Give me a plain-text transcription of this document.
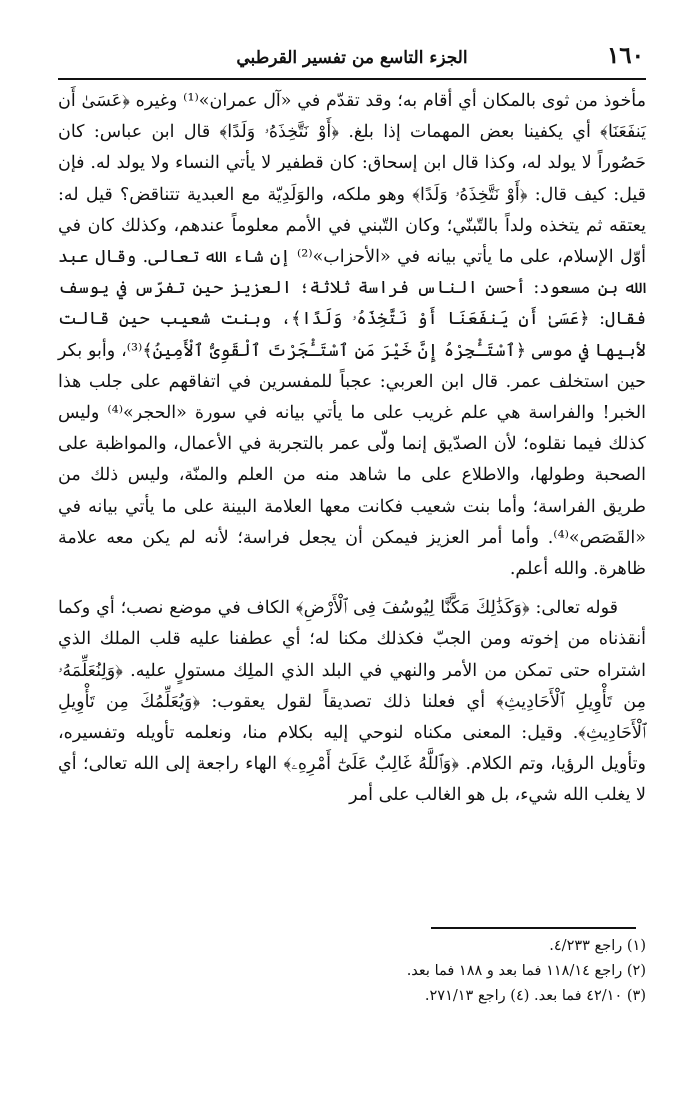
١٦٠
الجزء التاسع من تفسير القرطبي

مأخوذ من ثوى بالمكان أي أقام به؛ وقد تقدّم في «آل عمران»⁽¹⁾ وغيره ﴿عَسَىٰ أَن يَنفَعَنَا﴾ أي يكفينا بعض المهمات إذا بلغ. ﴿أَوْ نَتَّخِذَهُۥ وَلَدًا﴾ قال ابن عباس: كان حَصُوراً لا يولد له، وكذا قال ابن إسحاق: كان قطفير لا يأتي النساء ولا يولد له. فإن قيل: كيف قال: ﴿أَوْ نَتَّخِذَهُۥ وَلَدًا﴾ وهو ملكه، والوَلَدِيّة مع العبدية تتناقض؟ قيل له: يعتقه ثم يتخذه ولداً بالتّبنّي؛ وكان التّبني في الأمم معلوماً عندهم، وكذلك كان في أوّل الإسلام، على ما يأتي بيانه في «الأحزاب»⁽²⁾ إن شاء الله تعالى. وقال عبد الله بن مسعود: أحسن الناس فراسة ثلاثة؛ العزيز حين تفرّس في يوسف فقال: ﴿عَسَىٰ أَن يَنفَعَنَا أَوْ نَتَّخِذَهُۥ وَلَدًا﴾، وبنت شعيب حين قالت لأبيها في موسى ﴿ٱسْتَـْٔجِرْهُ إِنَّ خَيْرَ مَنِ ٱسْتَـْٔجَرْتَ ٱلْقَوِىُّ ٱلْأَمِينُ﴾⁽³⁾، وأبو بكر حين استخلف عمر. قال ابن العربي: عجباً للمفسرين في اتفاقهم على جلب هذا الخبر! والفراسة هي علم غريب على ما يأتي بيانه في سورة «الحجر»⁽⁴⁾ وليس كذلك فيما نقلوه؛ لأن الصدّيق إنما ولّى عمر بالتجربة في الأعمال، والمواظبة على الصحبة وطولها، والاطلاع على ما شاهد منه من العلم والمنّة، وليس ذلك من طريق الفراسة؛ وأما بنت شعيب فكانت معها العلامة البينة على ما يأتي بيانه في «القَصَص»⁽⁴⁾. وأما أمر العزيز فيمكن أن يجعل فراسة؛ لأنه لم يكن معه علامة ظاهرة. والله أعلم.

قوله تعالى: ﴿وَكَذَٰلِكَ مَكَّنَّا لِيُوسُفَ فِى ٱلْأَرْضِ﴾ الكاف في موضع نصب؛ أي وكما أنقذناه من إخوته ومن الجبّ فكذلك مكنا له؛ أي عطفنا عليه قلب الملك الذي اشتراه حتى تمكن من الأمر والنهي في البلد الذي الملِك مستولٍ عليه. ﴿وَلِنُعَلِّمَهُۥ مِن تَأْوِيلِ ٱلْأَحَادِيثِ﴾ أي فعلنا ذلك تصديقاً لقول يعقوب: ﴿وَيُعَلِّمُكَ مِن تَأْوِيلِ ٱلْأَحَادِيثِ﴾. وقيل: المعنى مكناه لنوحي إليه بكلام منا، ونعلمه تأويله وتفسيره، وتأويل الرؤيا، وتم الكلام. ﴿وَٱللَّهُ غَالِبٌ عَلَىٰٓ أَمْرِهِۦ﴾ الهاء راجعة إلى الله تعالى؛ أي لا يغلب الله شيء، بل هو الغالب على أمر

(١) راجع ٤/٢٣٣.
(٢) راجع ١١٨/١٤ فما بعد و ١٨٨ فما بعد.
(٣) ٤٢/١٠ فما بعد. (٤) راجع ٢٧١/١٣.
